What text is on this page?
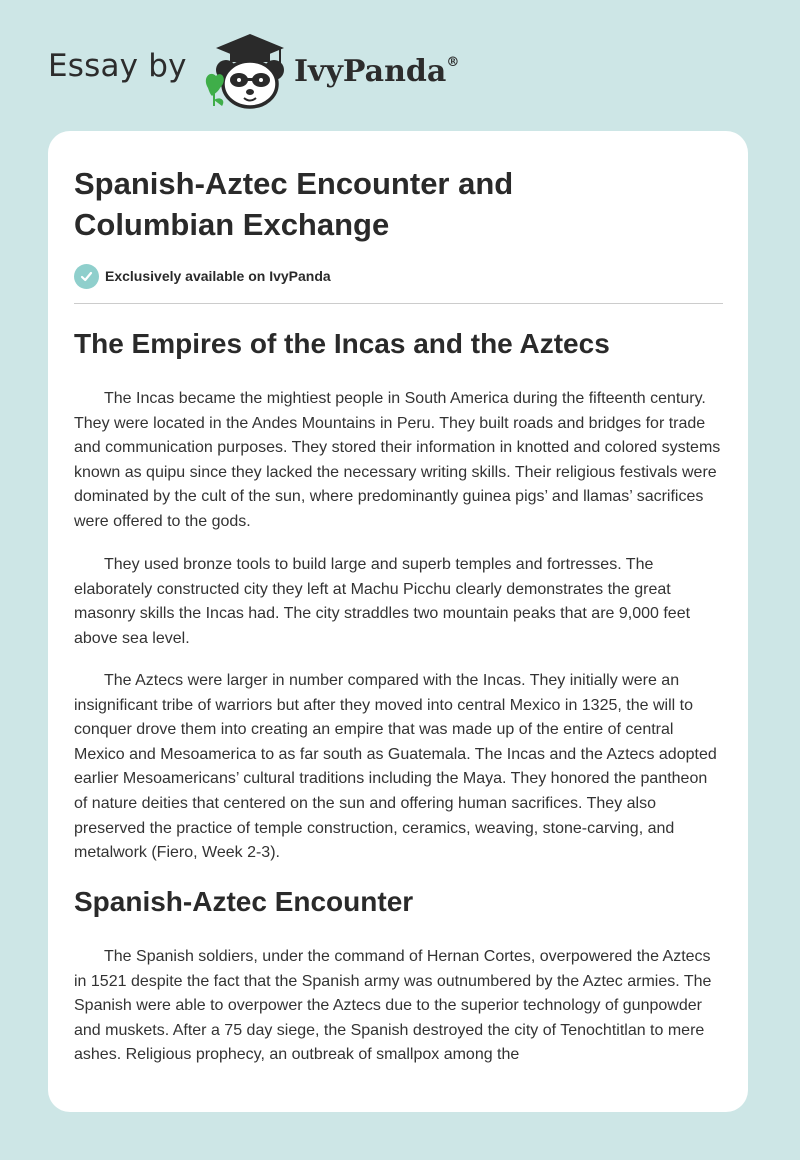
Essay by	IvyPanda®
Spanish-Aztec Encounter and Columbian Exchange
Exclusively available on IvyPanda
The Empires of the Incas and the Aztecs

The Incas became the mightiest people in South America during the fifteenth century. They were located in the Andes Mountains in Peru. They built roads and bridges for trade and communication purposes. They stored their information in knotted and colored systems known as quipu since they lacked the necessary writing skills. Their religious festivals were dominated by the cult of the sun, where predominantly guinea pigs’ and llamas’ sacrifices were offered to the gods.

They used bronze tools to build large and superb temples and fortresses. The elaborately constructed city they left at Machu Picchu clearly demonstrates the great masonry skills the Incas had. The city straddles two mountain peaks that are 9,000 feet above sea level.

The Aztecs were larger in number compared with the Incas. They initially were an insignificant tribe of warriors but after they moved into central Mexico in 1325, the will to conquer drove them into creating an empire that was made up of the entire of central Mexico and Mesoamerica to as far south as Guatemala. The Incas and the Aztecs adopted earlier Mesoamericans’ cultural traditions including the Maya. They honored the pantheon of nature deities that centered on the sun and offering human sacrifices. They also preserved the practice of temple construction, ceramics, weaving, stone-carving, and metalwork (Fiero, Week 2-3).

Spanish-Aztec Encounter

The Spanish soldiers, under the command of Hernan Cortes, overpowered the Aztecs in 1521 despite the fact that the Spanish army was outnumbered by the Aztec armies. The Spanish were able to overpower the Aztecs due to the superior technology of gunpowder and muskets. After a 75 day siege, the Spanish destroyed the city of Tenochtitlan to mere ashes. Religious prophecy, an outbreak of smallpox among the
